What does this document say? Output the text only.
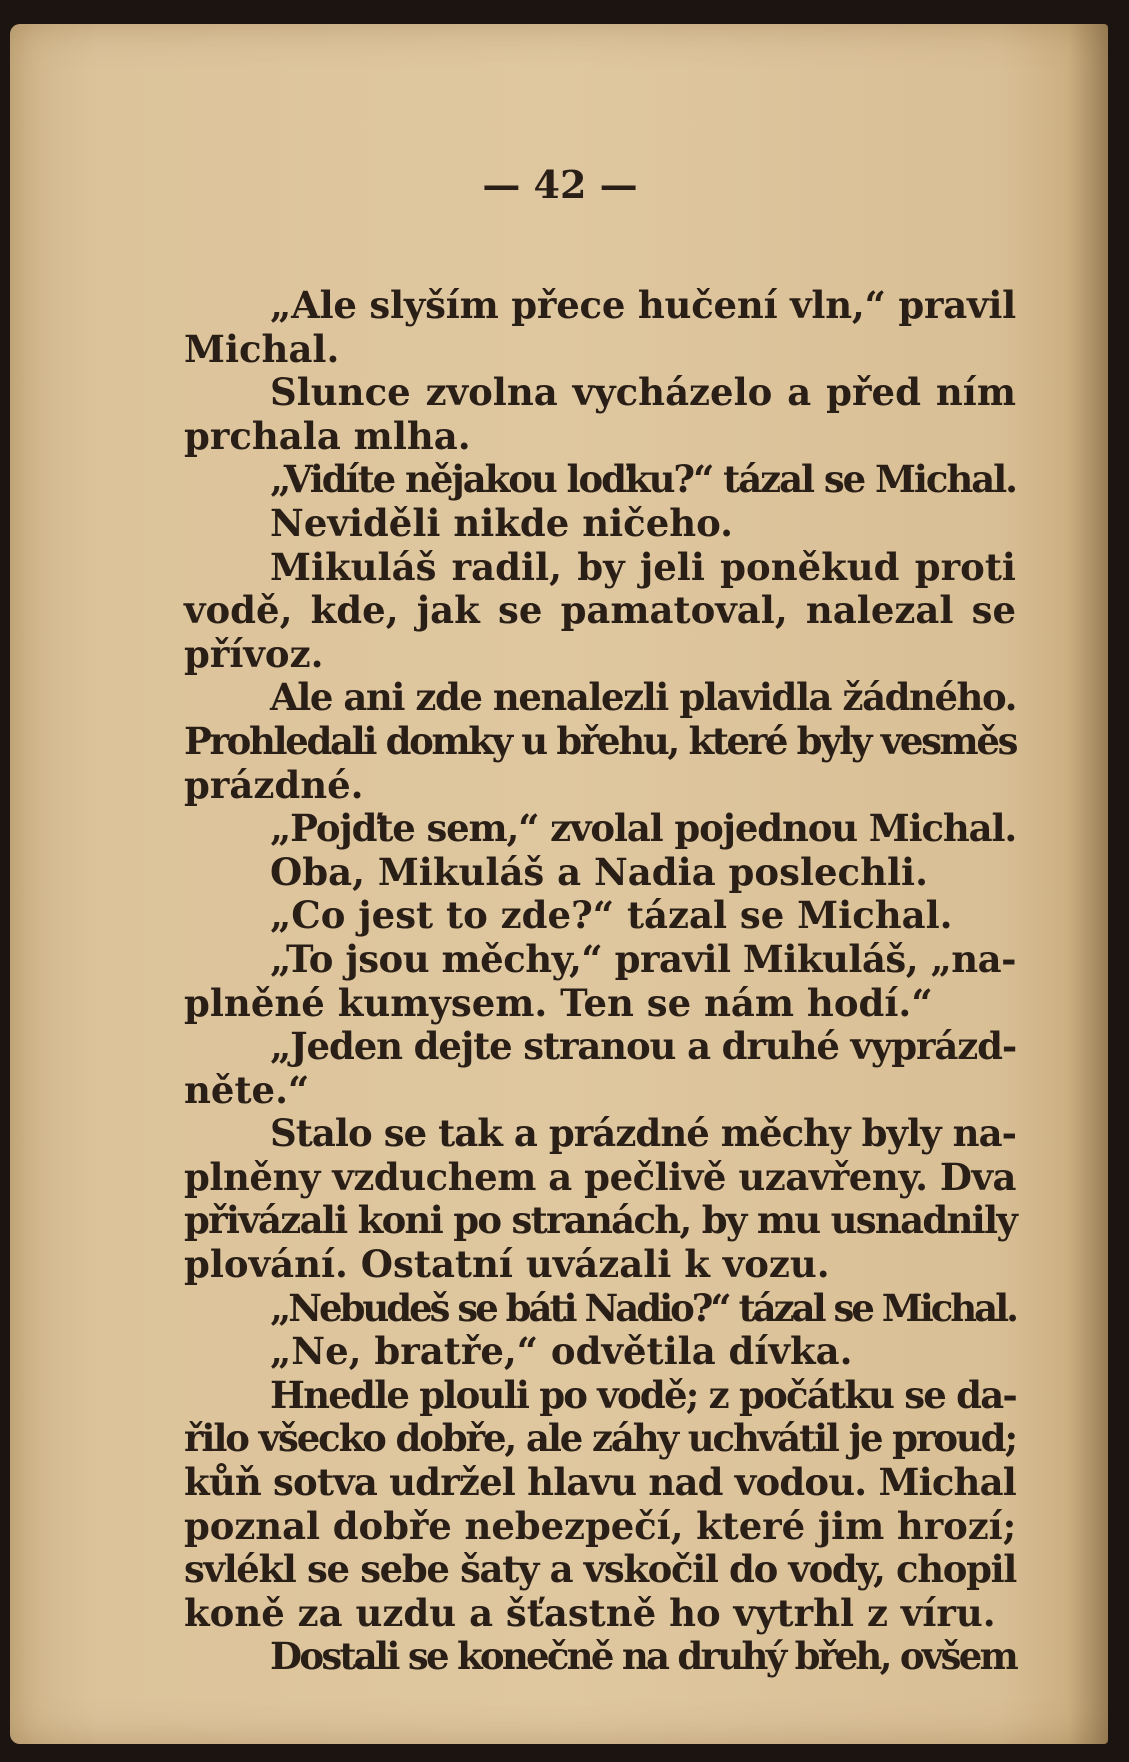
— 42 —
„Ale slyším přece hučení vln,“ pravil
Michal.
Slunce zvolna vycházelo a před ním
prchala mlha.
„Vidíte nějakou loďku?“ tázal se Michal.
Neviděli nikde ničeho.
Mikuláš radil, by jeli poněkud proti
vodě, kde, jak se pamatoval, nalezal se
přívoz.
Ale ani zde nenalezli plavidla žádného.
Prohledali domky u břehu, které byly vesměs
prázdné.
„Pojďte sem,“ zvolal pojednou Michal.
Oba, Mikuláš a Nadia poslechli.
„Co jest to zde?“ tázal se Michal.
„To jsou měchy,“ pravil Mikuláš, „na-
plněné kumysem. Ten se nám hodí.“
„Jeden dejte stranou a druhé vyprázd-
něte.“
Stalo se tak a prázdné měchy byly na-
plněny vzduchem a pečlivě uzavřeny. Dva
přivázali koni po stranách, by mu usnadnily
plování. Ostatní uvázali k vozu.
„Nebudeš se báti Nadio?“ tázal se Michal.
„Ne, bratře,“ odvětila dívka.
Hnedle plouli po vodě; z počátku se da-
řilo všecko dobře, ale záhy uchvátil je proud;
kůň sotva udržel hlavu nad vodou. Michal
poznal dobře nebezpečí, které jim hrozí;
svlékl se sebe šaty a vskočil do vody, chopil
koně za uzdu a šťastně ho vytrhl z víru.
Dostali se konečně na druhý břeh, ovšem
